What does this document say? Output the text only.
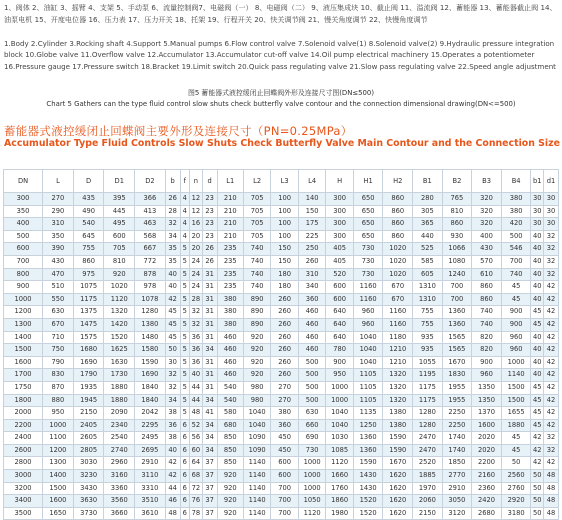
1、阀体 2、油缸 3、摇臂 4、支架 5、手动泵 6、流量控制阀7、电磁阀（一） 8、电磁阀（二） 9、液压集成块 10、截止阀 11、溢流阀 12、蓄能器 13、蓄能器截止阀 14、油泵电机 15、开度电位器 16、压力表 17、压力开关 18、托架 19、行程开关 20、快关调节阀 21、慢关角度调节 22、快慢角度调节
1.Body 2.Cylinder 3.Rocking shaft 4.Support 5.Manual pumps 6.Flow control valve 7.Solenoid valve(1) 8.Solenoid valve(2) 9.Hydraulic pressure integration block 10.Globe valve 11.Overflow valve 12.Accumulator 13.Accumulator cut-off valve 14.Oil pump electrical machinery 15.Operates a potentiometer 16.Pressure gauge 17.Pressure switch 18.Bracket 19.Limit switch 20.Quick pass regulating valve 21.Slow pass regulating valve 22.Speed angle adjustment
图5 蓄能器式液控缓闭止回蝶阀外形及连接尺寸图(DN≤500)
Chart 5 Gathers can the type fluid control slow shuts check butterfly valve contour and the connection dimensional drawing(DN<=500)
蓄能器式液控缓闭止回蝶阀主要外形及连接尺寸（PN=0.25MPa）
Accumulator Type Fluid Controls Slow Shuts Check Butterfly Valve Main Contour and the Connection Size
DN	L	D	D1	D2	b	f	n	d	L1	L2	L3	L4	H	H1	H2	B1	B2	B3	B4	b1	d1
300	270	435	395	366	26	4	12	23	210	705	100	140	300	650	860	280	765	320	380	30	30
350	290	490	445	413	28	4	12	23	210	705	100	150	300	650	860	305	810	320	380	30	30
400	310	540	495	463	32	4	16	23	210	705	100	175	300	650	860	365	860	320	420	30	30
500	350	645	600	568	34	4	20	23	210	705	100	225	300	650	860	440	930	400	500	40	32
600	390	755	705	667	35	5	20	26	235	740	150	250	405	730	1020	525	1066	430	546	40	32
700	430	860	810	772	35	5	24	26	235	740	150	260	405	730	1020	585	1080	570	700	40	32
800	470	975	920	878	40	5	24	31	235	740	180	310	520	730	1020	605	1240	610	740	40	32
900	510	1075	1020	978	40	5	24	31	235	740	180	340	600	1160	670	1310	700	860	45	40	42
1000	550	1175	1120	1078	42	5	28	31	380	890	260	360	600	1160	670	1310	700	860	45	40	42
1200	630	1375	1320	1280	45	5	32	31	380	890	260	460	640	960	1160	755	1360	740	900	45	42
1300	670	1475	1420	1380	45	5	32	31	380	890	260	460	640	960	1160	755	1360	740	900	45	42
1400	710	1575	1520	1480	45	5	36	31	460	920	260	460	640	1040	1180	935	1565	820	960	40	42
1500	750	1680	1625	1580	50	5	36	34	460	920	260	460	780	1040	1210	935	1565	820	960	40	42
1600	790	1690	1630	1590	30	5	36	31	460	920	260	500	900	1040	1210	1055	1670	900	1000	40	42
1700	830	1790	1730	1690	32	5	40	31	460	920	260	500	950	1105	1320	1195	1830	960	1140	40	42
1750	870	1935	1880	1840	32	5	44	31	540	980	270	500	1000	1105	1320	1175	1955	1350	1500	45	42
1800	880	1945	1880	1840	34	5	44	34	540	980	270	500	1000	1105	1320	1175	1955	1350	1500	45	42
2000	950	2150	2090	2042	38	5	48	41	580	1040	380	630	1040	1135	1380	1280	2250	1370	1655	45	42
2200	1000	2405	2340	2295	36	6	52	34	680	1040	360	660	1040	1250	1380	1280	2250	1600	1880	45	42
2400	1100	2605	2540	2495	38	6	56	34	850	1090	450	690	1030	1360	1590	2470	1740	2020	45	42	32
2600	1200	2805	2740	2695	40	6	60	34	850	1090	450	730	1085	1360	1590	2470	1740	2020	45	42	32
2800	1300	3030	2960	2910	42	6	64	37	850	1140	600	1000	1120	1590	1670	2520	1850	2200	50	42	42
3000	1400	3230	3160	3110	42	6	68	37	920	1140	600	1000	1660	1430	1620	1885	2770	2160	2560	50	48
3200	1500	3430	3360	3310	44	6	72	37	920	1140	700	1000	1760	1430	1620	1970	2910	2360	2760	50	48
3400	1600	3630	3560	3510	46	6	76	37	920	1140	700	1050	1860	1520	1620	2060	3050	2420	2920	50	48
3500	1650	3730	3660	3610	48	6	78	37	920	1140	700	1120	1980	1520	1620	2150	3120	2680	3180	50	48
